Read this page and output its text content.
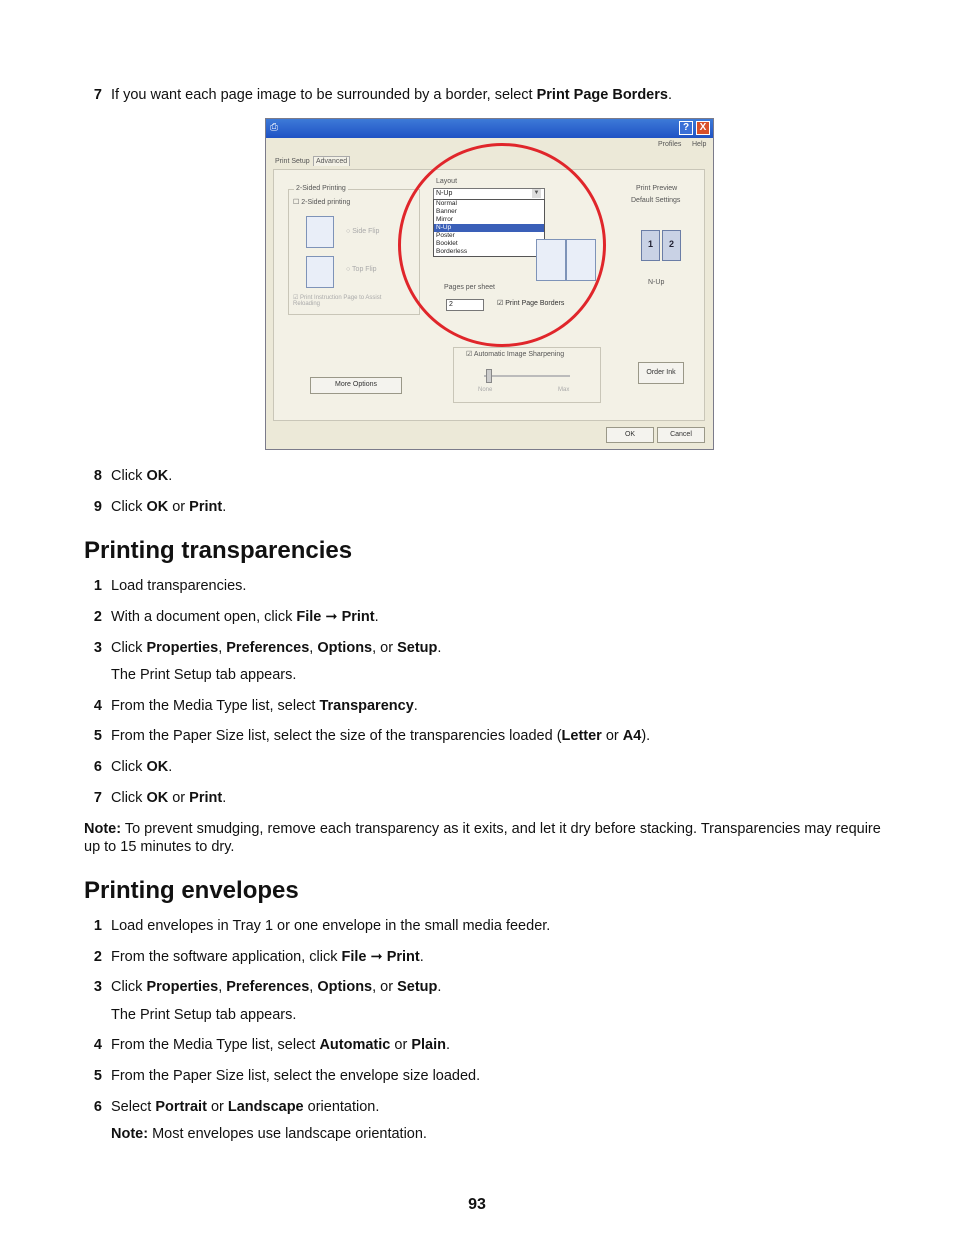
7 If you want each page image to be surrounded by a border, select Print Page Borders.
⎙	?	X
Profiles Help
Print Setup Advanced
2-Sided Printing
☐ 2-Sided printing
○ Side Flip
○ Top Flip
☑ Print Instruction Page to Assist Reloading
Layout
N-Up	▼
Normal
Banner
Mirror
N-Up
Poster
Booklet
Borderless
Pages per sheet
2	☑ Print Page Borders
Print Preview
Default Settings
1	2
N-Up
☑ Automatic Image Sharpening
None	Max
More Options
Order Ink
OK	Cancel
8 Click OK.
9 Click OK or Print.
Printing transparencies
1 Load transparencies.
2 With a document open, click File ➞ Print.
3 Click Properties, Preferences, Options, or Setup.
The Print Setup tab appears.
4 From the Media Type list, select Transparency.
5 From the Paper Size list, select the size of the transparencies loaded (Letter or A4).
6 Click OK.
7 Click OK or Print.
Note: To prevent smudging, remove each transparency as it exits, and let it dry before stacking. Transparencies may require up to 15 minutes to dry.
Printing envelopes
1 Load envelopes in Tray 1 or one envelope in the small media feeder.
2 From the software application, click File ➞ Print.
3 Click Properties, Preferences, Options, or Setup.
The Print Setup tab appears.
4 From the Media Type list, select Automatic or Plain.
5 From the Paper Size list, select the envelope size loaded.
6 Select Portrait or Landscape orientation.
Note: Most envelopes use landscape orientation.
93
